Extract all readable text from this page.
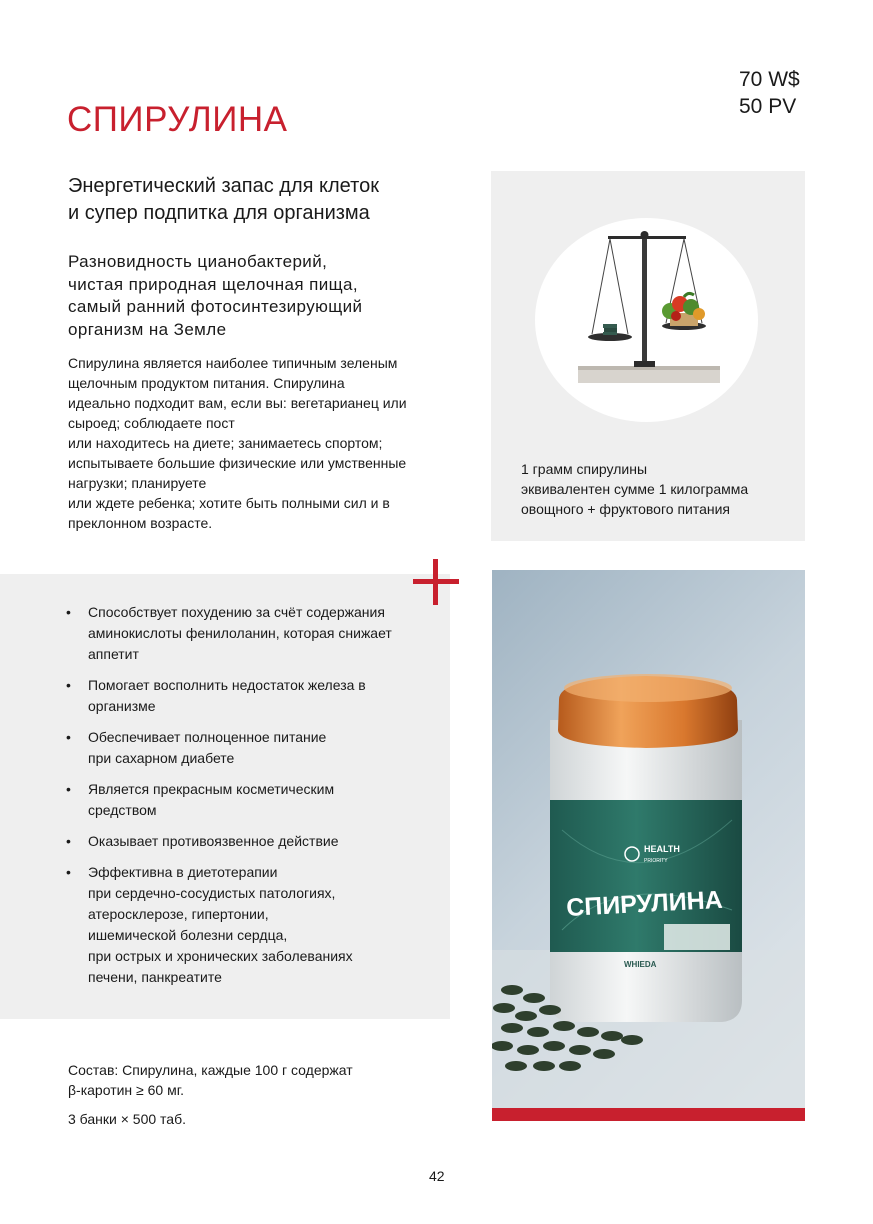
СПИРУЛИНА
70 W$
50 PV
Энергетический запас для клеток
и супер подпитка для организма
Разновидность цианобактерий,
чистая природная щелочная пища,
самый ранний фотосинтезирующий
организм на Земле
Спирулина является наиболее типичным зеленым
щелочным продуктом питания. Спирулина
идеально подходит вам, если вы: вегетарианец или
сыроед; соблюдаете пост
или находитесь на диете; занимаетесь спортом;
испытываете большие физические или умственные
нагрузки; планируете
или ждете ребенка; хотите быть полными сил и в
преклонном возрасте.
1 грамм спирулины
эквивалентен сумме 1 килограмма
овощного + фруктового питания
• Способствует похудению за счёт содержания
аминокислоты фенилоланин, которая снижает
аппетит
• Помогает восполнить недостаток железа в
организме
• Обеспечивает полноценное питание
при сахарном диабете
• Является прекрасным косметическим
средством
• Оказывает противоязвенное действие
• Эффективна в диетотерапии
при сердечно-сосудистых патологиях,
атеросклерозе, гипертонии,
ишемической болезни сердца,
при острых и хронических заболеваниях
печени, панкреатите
Состав: Спирулина, каждые 100 г содержат
β-каротин ≥ 60 мг.
3 банки × 500 таб.
HEALTH
PRIORITY
СПИРУЛИНА
WHIEDA
42
